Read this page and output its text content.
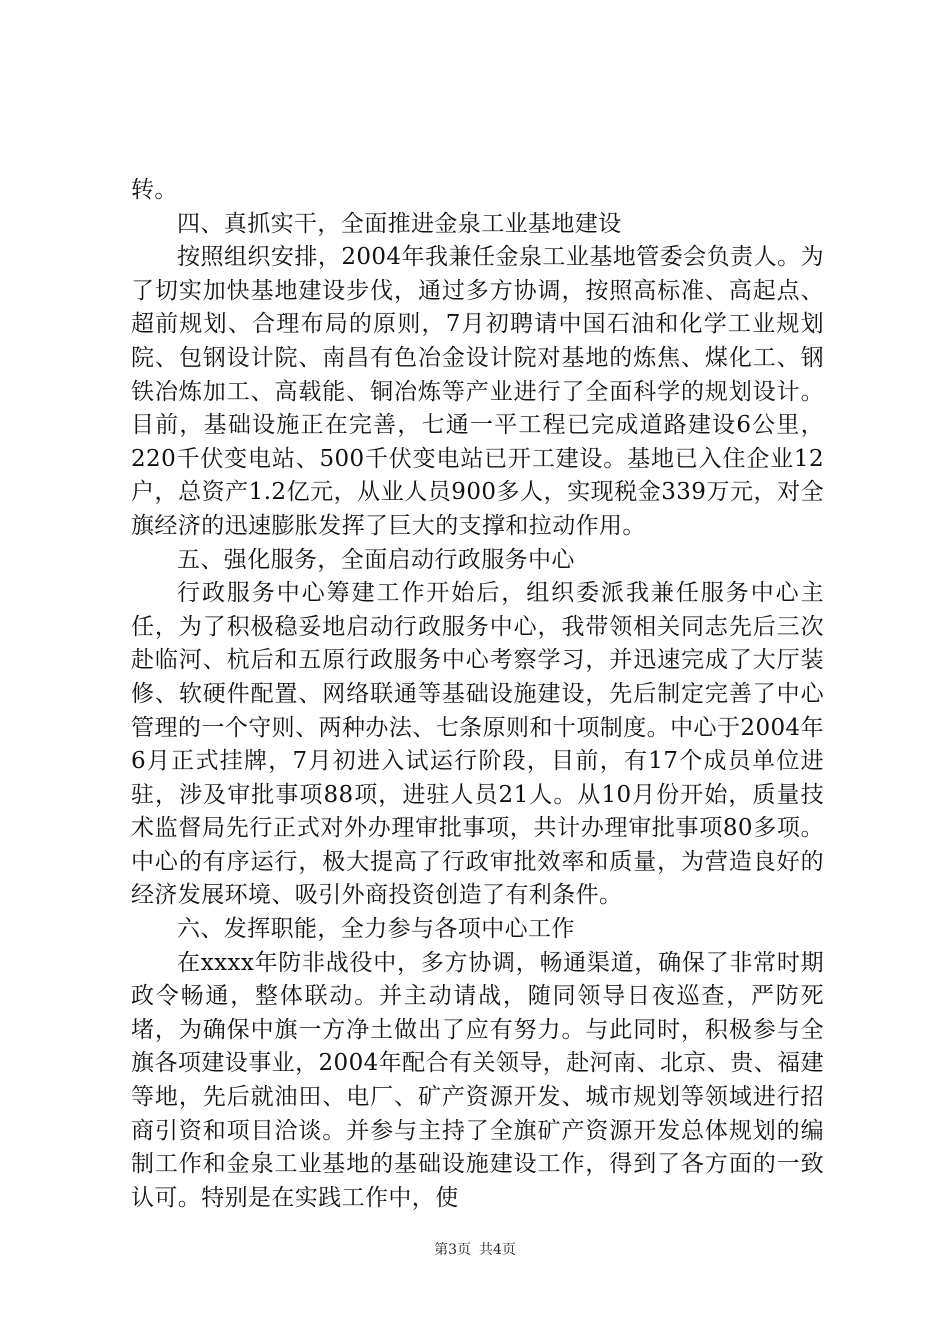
转。

四、真抓实干，全面推进金泉工业基地建设

按照组织安排，2004年我兼任金泉工业基地管委会负责人。为了切实加快基地建设步伐，通过多方协调，按照高标准、高起点、超前规划、合理布局的原则，7月初聘请中国石油和化学工业规划院、包钢设计院、南昌有色冶金设计院对基地的炼焦、煤化工、钢铁冶炼加工、高载能、铜冶炼等产业进行了全面科学的规划设计。目前，基础设施正在完善，七通一平工程已完成道路建设6公里，220千伏变电站、500千伏变电站已开工建设。基地已入住企业12户，总资产1.2亿元，从业人员900多人，实现税金339万元，对全旗经济的迅速膨胀发挥了巨大的支撑和拉动作用。

五、强化服务，全面启动行政服务中心

行政服务中心筹建工作开始后，组织委派我兼任服务中心主任，为了积极稳妥地启动行政服务中心，我带领相关同志先后三次赴临河、杭后和五原行政服务中心考察学习，并迅速完成了大厅装修、软硬件配置、网络联通等基础设施建设，先后制定完善了中心管理的一个守则、两种办法、七条原则和十项制度。中心于2004年6月正式挂牌，7月初进入试运行阶段，目前，有17个成员单位进驻，涉及审批事项88项，进驻人员21人。从10月份开始，质量技术监督局先行正式对外办理审批事项，共计办理审批事项80多项。中心的有序运行，极大提高了行政审批效率和质量，为营造良好的经济发展环境、吸引外商投资创造了有利条件。

六、发挥职能，全力参与各项中心工作

在xxxx年防非战役中，多方协调，畅通渠道，确保了非常时期政令畅通，整体联动。并主动请战，随同领导日夜巡查，严防死堵，为确保中旗一方净土做出了应有努力。与此同时，积极参与全旗各项建设事业，2004年配合有关领导，赴河南、北京、贵、福建等地，先后就油田、电厂、矿产资源开发、城市规划等领域进行招商引资和项目洽谈。并参与主持了全旗矿产资源开发总体规划的编制工作和金泉工业基地的基础设施建设工作，得到了各方面的一致认可。特别是在实践工作中，使

第3页 共4页
